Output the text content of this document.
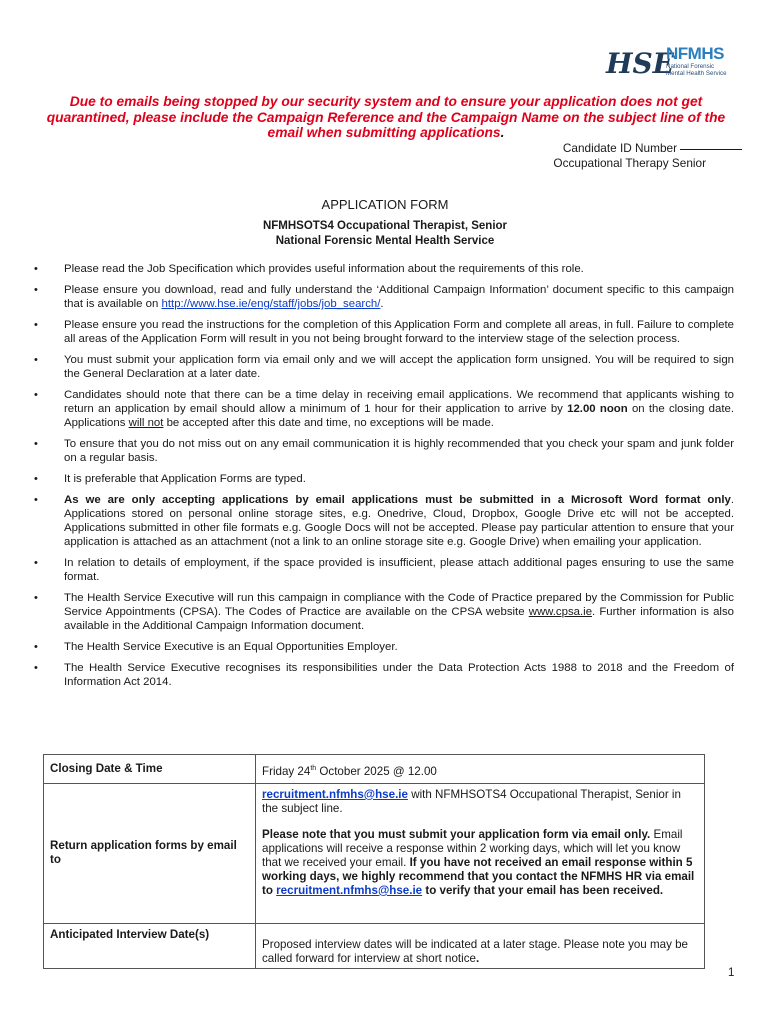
HSE
NFMHS
National Forensic
Mental Health Service
Due to emails being stopped by our security system and to ensure your application does not get quarantined, please include the Campaign Reference and the Campaign Name on the subject line of the email when submitting applications.
Candidate ID Number
Occupational Therapy Senior
APPLICATION FORM
NFMHSOTS4 Occupational Therapist, Senior
National Forensic Mental Health Service
• Please read the Job Specification which provides useful information about the requirements of this role.
• Please ensure you download, read and fully understand the ‘Additional Campaign Information’ document specific to this campaign that is available on http://www.hse.ie/eng/staff/jobs/job_search/.
• Please ensure you read the instructions for the completion of this Application Form and complete all areas, in full. Failure to complete all areas of the Application Form will result in you not being brought forward to the interview stage of the selection process.
• You must submit your application form via email only and we will accept the application form unsigned. You will be required to sign the General Declaration at a later date.
• Candidates should note that there can be a time delay in receiving email applications. We recommend that applicants wishing to return an application by email should allow a minimum of 1 hour for their application to arrive by 12.00 noon on the closing date. Applications will not be accepted after this date and time, no exceptions will be made.
• To ensure that you do not miss out on any email communication it is highly recommended that you check your spam and junk folder on a regular basis.
• It is preferable that Application Forms are typed.
• As we are only accepting applications by email applications must be submitted in a Microsoft Word format only. Applications stored on personal online storage sites, e.g. Onedrive, Cloud, Dropbox, Google Drive etc will not be accepted. Applications submitted in other file formats e.g. Google Docs will not be accepted. Please pay particular attention to ensure that your application is attached as an attachment (not a link to an online storage site e.g. Google Drive) when emailing your application.
• In relation to details of employment, if the space provided is insufficient, please attach additional pages ensuring to use the same format.
• The Health Service Executive will run this campaign in compliance with the Code of Practice prepared by the Commission for Public Service Appointments (CPSA). The Codes of Practice are available on the CPSA website www.cpsa.ie. Further information is also available in the Additional Campaign Information document.
• The Health Service Executive is an Equal Opportunities Employer.
• The Health Service Executive recognises its responsibilities under the Data Protection Acts 1988 to 2018 and the Freedom of Information Act 2014.
Closing Date & Time	Friday 24th October 2025 @ 12.00
Return application forms by email to	recruitment.nfmhs@hse.ie with NFMHSOTS4 Occupational Therapist, Senior in the subject line.
Please note that you must submit your application form via email only. Email applications will receive a response within 2 working days, which will let you know that we received your email. If you have not received an email response within 5 working days, we highly recommend that you contact the NFMHS HR via email to recruitment.nfmhs@hse.ie to verify that your email has been received.

Anticipated Interview Date(s)	Proposed interview dates will be indicated at a later stage. Please note you may be called forward for interview at short notice.
1
